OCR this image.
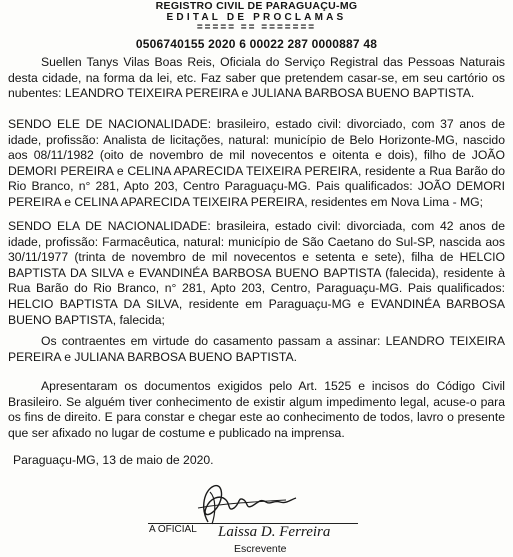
REGISTRO CIVIL DE PARAGUAÇU-MG
EDITAL DE PROCLAMAS
===== == =======
0506740155 2020 6 00022 287 0000887 48
Suellen Tanys Vilas Boas Reis, Oficiala do Serviço Registral das Pessoas Naturais desta cidade, na forma da lei, etc. Faz saber que pretendem casar-se, em seu cartório os nubentes: LEANDRO TEIXEIRA PEREIRA e JULIANA BARBOSA BUENO BAPTISTA.
SENDO ELE DE NACIONALIDADE: brasileiro, estado civil: divorciado, com 37 anos de idade, profissão: Analista de licitações, natural: município de Belo Horizonte-MG, nascido aos 08/11/1982 (oito de novembro de mil novecentos e oitenta e dois), filho de JOÃO DEMORI PEREIRA e CELINA APARECIDA TEIXEIRA PEREIRA, residente a Rua Barão do Rio Branco, n° 281, Apto 203, Centro Paraguaçu-MG. Pais qualificados: JOÃO DEMORI PEREIRA e CELINA APARECIDA TEIXEIRA PEREIRA, residentes em Nova Lima - MG;
SENDO ELA DE NACIONALIDADE: brasileira, estado civil: divorciada, com 42 anos de idade, profissão: Farmacêutica, natural: município de São Caetano do Sul-SP, nascida aos 30/11/1977 (trinta de novembro de mil novecentos e setenta e sete), filha de HELCIO BAPTISTA DA SILVA e EVANDINÉA BARBOSA BUENO BAPTISTA (falecida), residente à Rua Barão do Rio Branco, n° 281, Apto 203, Centro, Paraguaçu-MG. Pais qualificados: HELCIO BAPTISTA DA SILVA, residente em Paraguaçu-MG e EVANDINÉA BARBOSA BUENO BAPTISTA, falecida;
Os contraentes em virtude do casamento passam a assinar: LEANDRO TEIXEIRA PEREIRA e JULIANA BARBOSA BUENO BAPTISTA.
Apresentaram os documentos exigidos pelo Art. 1525 e incisos do Código Civil Brasileiro. Se alguém tiver conhecimento de existir algum impedimento legal, acuse-o para os fins de direito. E para constar e chegar este ao conhecimento de todos, lavro o presente que ser afixado no lugar de costume e publicado na imprensa.
Paraguaçu-MG, 13 de maio de 2020.
A OFICIAL Laissa D. Ferreira
Escrevente
